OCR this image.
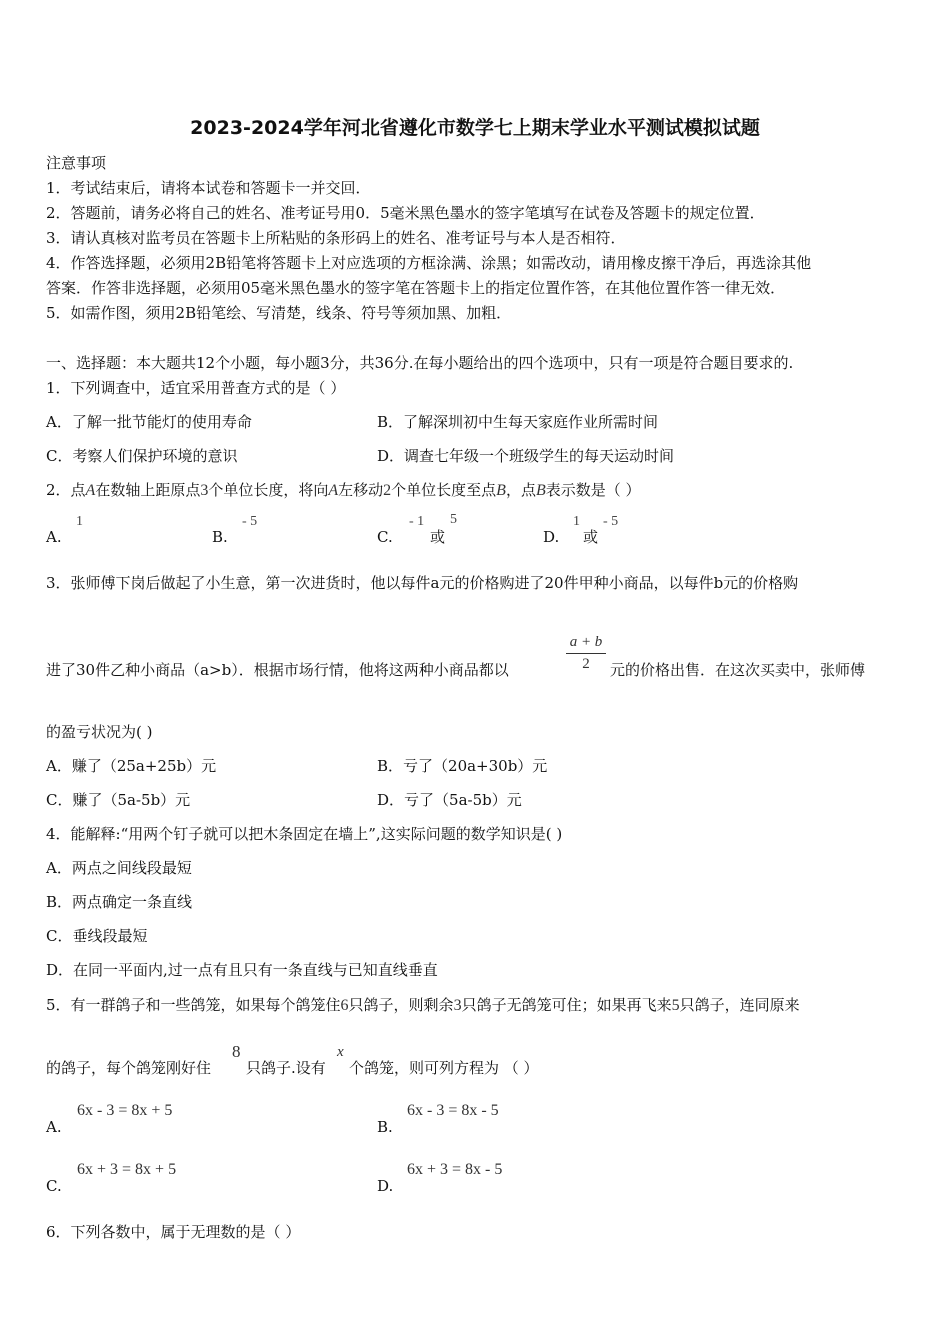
2023-2024学年河北省遵化市数学七上期末学业水平测试模拟试题
注意事项
1．考试结束后，请将本试卷和答题卡一并交回．
2．答题前，请务必将自己的姓名、准考证号用0．5毫米黑色墨水的签字笔填写在试卷及答题卡的规定位置．
3．请认真核对监考员在答题卡上所粘贴的条形码上的姓名、准考证号与本人是否相符．
4．作答选择题，必须用2B铅笔将答题卡上对应选项的方框涂满、涂黑；如需改动，请用橡皮擦干净后，再选涂其他
答案．作答非选择题，必须用05毫米黑色墨水的签字笔在答题卡上的指定位置作答，在其他位置作答一律无效．
5．如需作图，须用2B铅笔绘、写清楚，线条、符号等须加黑、加粗．
一、选择题：本大题共12个小题，每小题3分，共36分.在每小题给出的四个选项中，只有一项是符合题目要求的.
1．下列调查中，适宜采用普查方式的是（ ）
A．了解一批节能灯的使用寿命	B．了解深圳初中生每天家庭作业所需时间
C．考察人们保护环境的意识	D．调查七年级一个班级学生的每天运动时间
2．点A在数轴上距原点3个单位长度，将向A左移动2个单位长度至点B，点B表示数是（ ）
A.
1
B.
- 5
C.
- 1
或
5
D.
1
或
- 5
3．张师傅下岗后做起了小生意，第一次进货时，他以每件a元的价格购进了20件甲种小商品，以每件b元的价格购
进了30件乙种小商品（a>b）．根据市场行情，他将这两种小商品都以
a + b
2	元的价格出售．在这次买卖中，张师傅
的盈亏状况为( )
A．赚了（25a+25b）元	B．亏了（20a+30b）元
C．赚了（5a-5b）元	D．亏了（5a-5b）元
4．能解释:“用两个钉子就可以把木条固定在墙上”,这实际问题的数学知识是( )
A．两点之间线段最短
B．两点确定一条直线
C．垂线段最短
D．在同一平面内,过一点有且只有一条直线与已知直线垂直
5．有一群鸽子和一些鸽笼，如果每个鸽笼住6只鸽子，则剩余3只鸽子无鸽笼可住；如果再飞来5只鸽子，连同原来
的鸽子，每个鸽笼刚好住
8
只鸽子.设有
x
个鸽笼，则可列方程为 （ ）
A.
6x - 3 = 8x + 5
B.
6x - 3 = 8x - 5
C.
6x + 3 = 8x + 5
D.
6x + 3 = 8x - 5
6．下列各数中，属于无理数的是（ ）
